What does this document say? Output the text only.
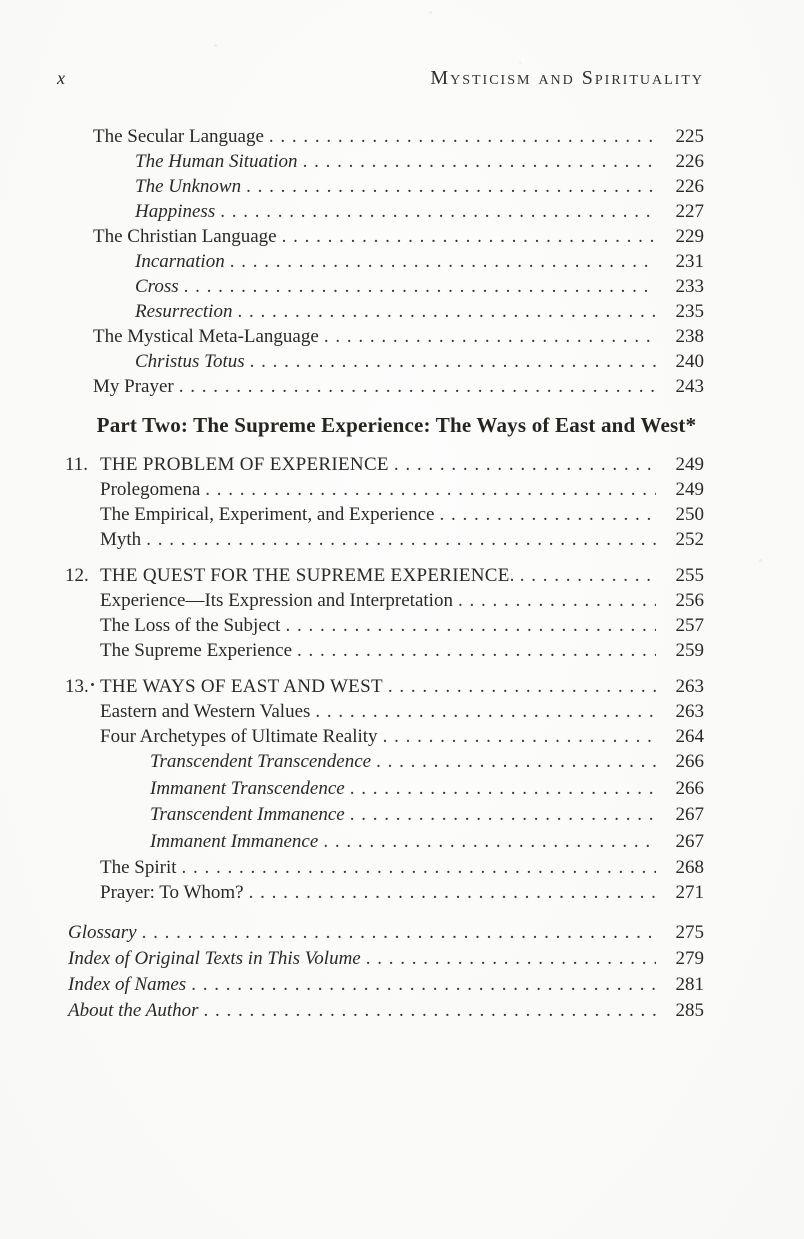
x	Mysticism and Spirituality
The Secular Language . . .	225
The Human Situation . . .	226
The Unknown . . .	226
Happiness . . .	227
The Christian Language . . .	229
Incarnation . . .	231
Cross . . .	233
Resurrection . . .	235
The Mystical Meta-Language . . .	238
Christus Totus . . .	240
My Prayer . . .	243
Part Two: The Supreme Experience: The Ways of East and West*
11. THE PROBLEM OF EXPERIENCE . . .	249
Prolegomena . . .	249
The Empirical, Experiment, and Experience . . .	250
Myth . . .	252
12. THE QUEST FOR THE SUPREME EXPERIENCE. . . .	255
Experience—Its Expression and Interpretation . . .	256
The Loss of the Subject . . .	257
The Supreme Experience . . .	259
13. THE WAYS OF EAST AND WEST . . .	263
Eastern and Western Values . . .	263
Four Archetypes of Ultimate Reality . . .	264
Transcendent Transcendence . . .	266
Immanent Transcendence . . .	266
Transcendent Immanence . . .	267
Immanent Immanence . . .	267
The Spirit . . .	268
Prayer: To Whom? . . .	271
Glossary . . .	275
Index of Original Texts in This Volume . . .	279
Index of Names . . .	281
About the Author . . .	285
